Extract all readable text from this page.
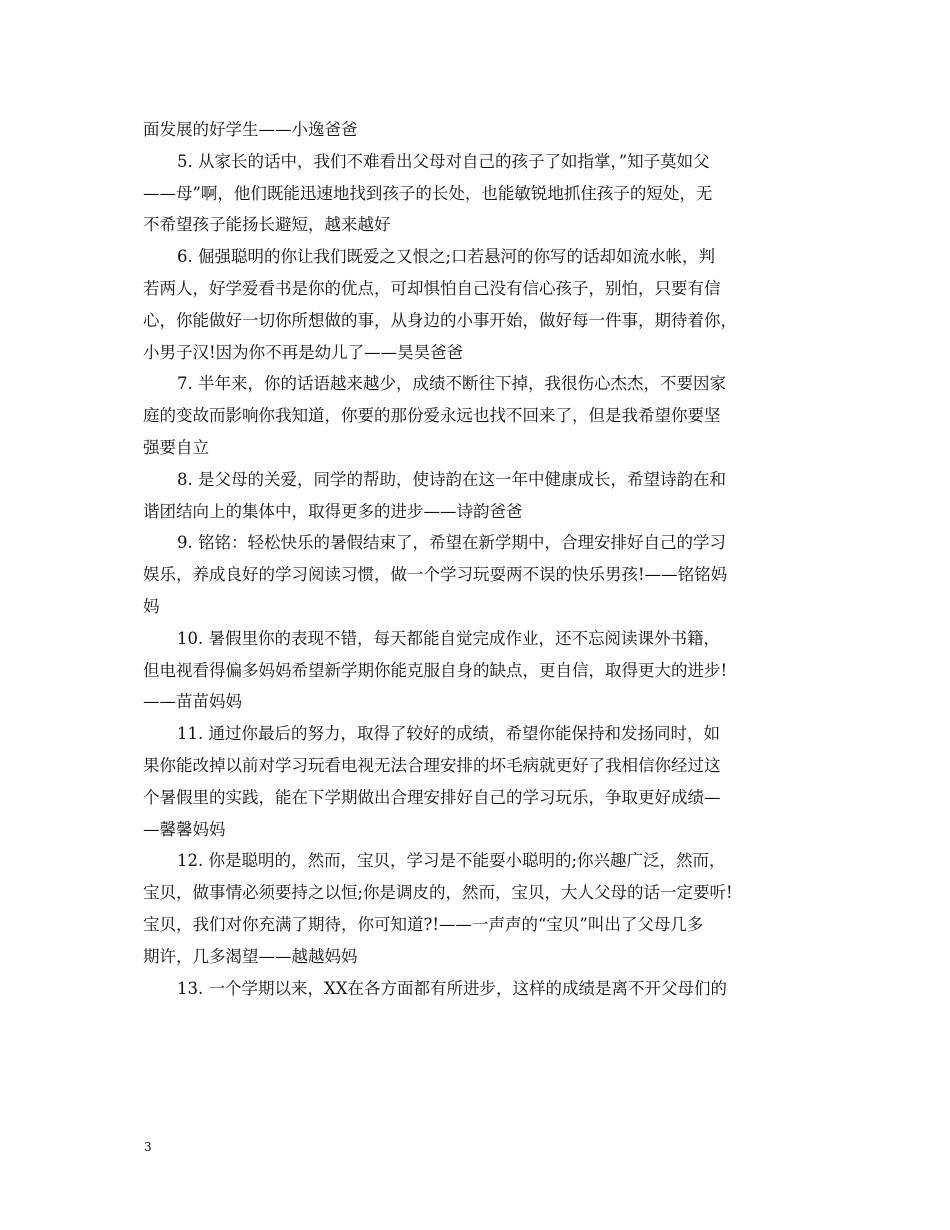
面发展的好学生——小逸爸爸
5. 从家长的话中，我们不难看出父母对自己的孩子了如指掌，”知子莫如父
——母”啊，他们既能迅速地找到孩子的长处，也能敏锐地抓住孩子的短处，无
不希望孩子能扬长避短，越来越好
6. 倔强聪明的你让我们既爱之又恨之;口若悬河的你写的话却如流水帐，判
若两人，好学爱看书是你的优点，可却惧怕自己没有信心孩子，别怕，只要有信
心，你能做好一切你所想做的事，从身边的小事开始，做好每一件事，期待着你，
小男子汉!因为你不再是幼儿了——昊昊爸爸
7. 半年来，你的话语越来越少，成绩不断往下掉，我很伤心杰杰，不要因家
庭的变故而影响你我知道，你要的那份爱永远也找不回来了，但是我希望你要坚
强要自立
8. 是父母的关爱，同学的帮助，使诗韵在这一年中健康成长，希望诗韵在和
谐团结向上的集体中，取得更多的进步——诗韵爸爸
9. 铭铭：轻松快乐的暑假结束了，希望在新学期中，合理安排好自己的学习
娱乐，养成良好的学习阅读习惯，做一个学习玩耍两不误的快乐男孩!——铭铭妈
妈
10. 暑假里你的表现不错，每天都能自觉完成作业，还不忘阅读课外书籍，
但电视看得偏多妈妈希望新学期你能克服自身的缺点，更自信，取得更大的进步!
——苗苗妈妈
11. 通过你最后的努力，取得了较好的成绩，希望你能保持和发扬同时，如
果你能改掉以前对学习玩看电视无法合理安排的坏毛病就更好了我相信你经过这
个暑假里的实践，能在下学期做出合理安排好自己的学习玩乐，争取更好成绩—
—馨馨妈妈
12. 你是聪明的，然而，宝贝，学习是不能耍小聪明的;你兴趣广泛，然而，
宝贝，做事情必须要持之以恒;你是调皮的，然而，宝贝，大人父母的话一定要听!
宝贝，我们对你充满了期待，你可知道?!——一声声的“宝贝”叫出了父母几多
期许，几多渴望——越越妈妈
13. 一个学期以来，XX在各方面都有所进步，这样的成绩是离不开父母们的
3
